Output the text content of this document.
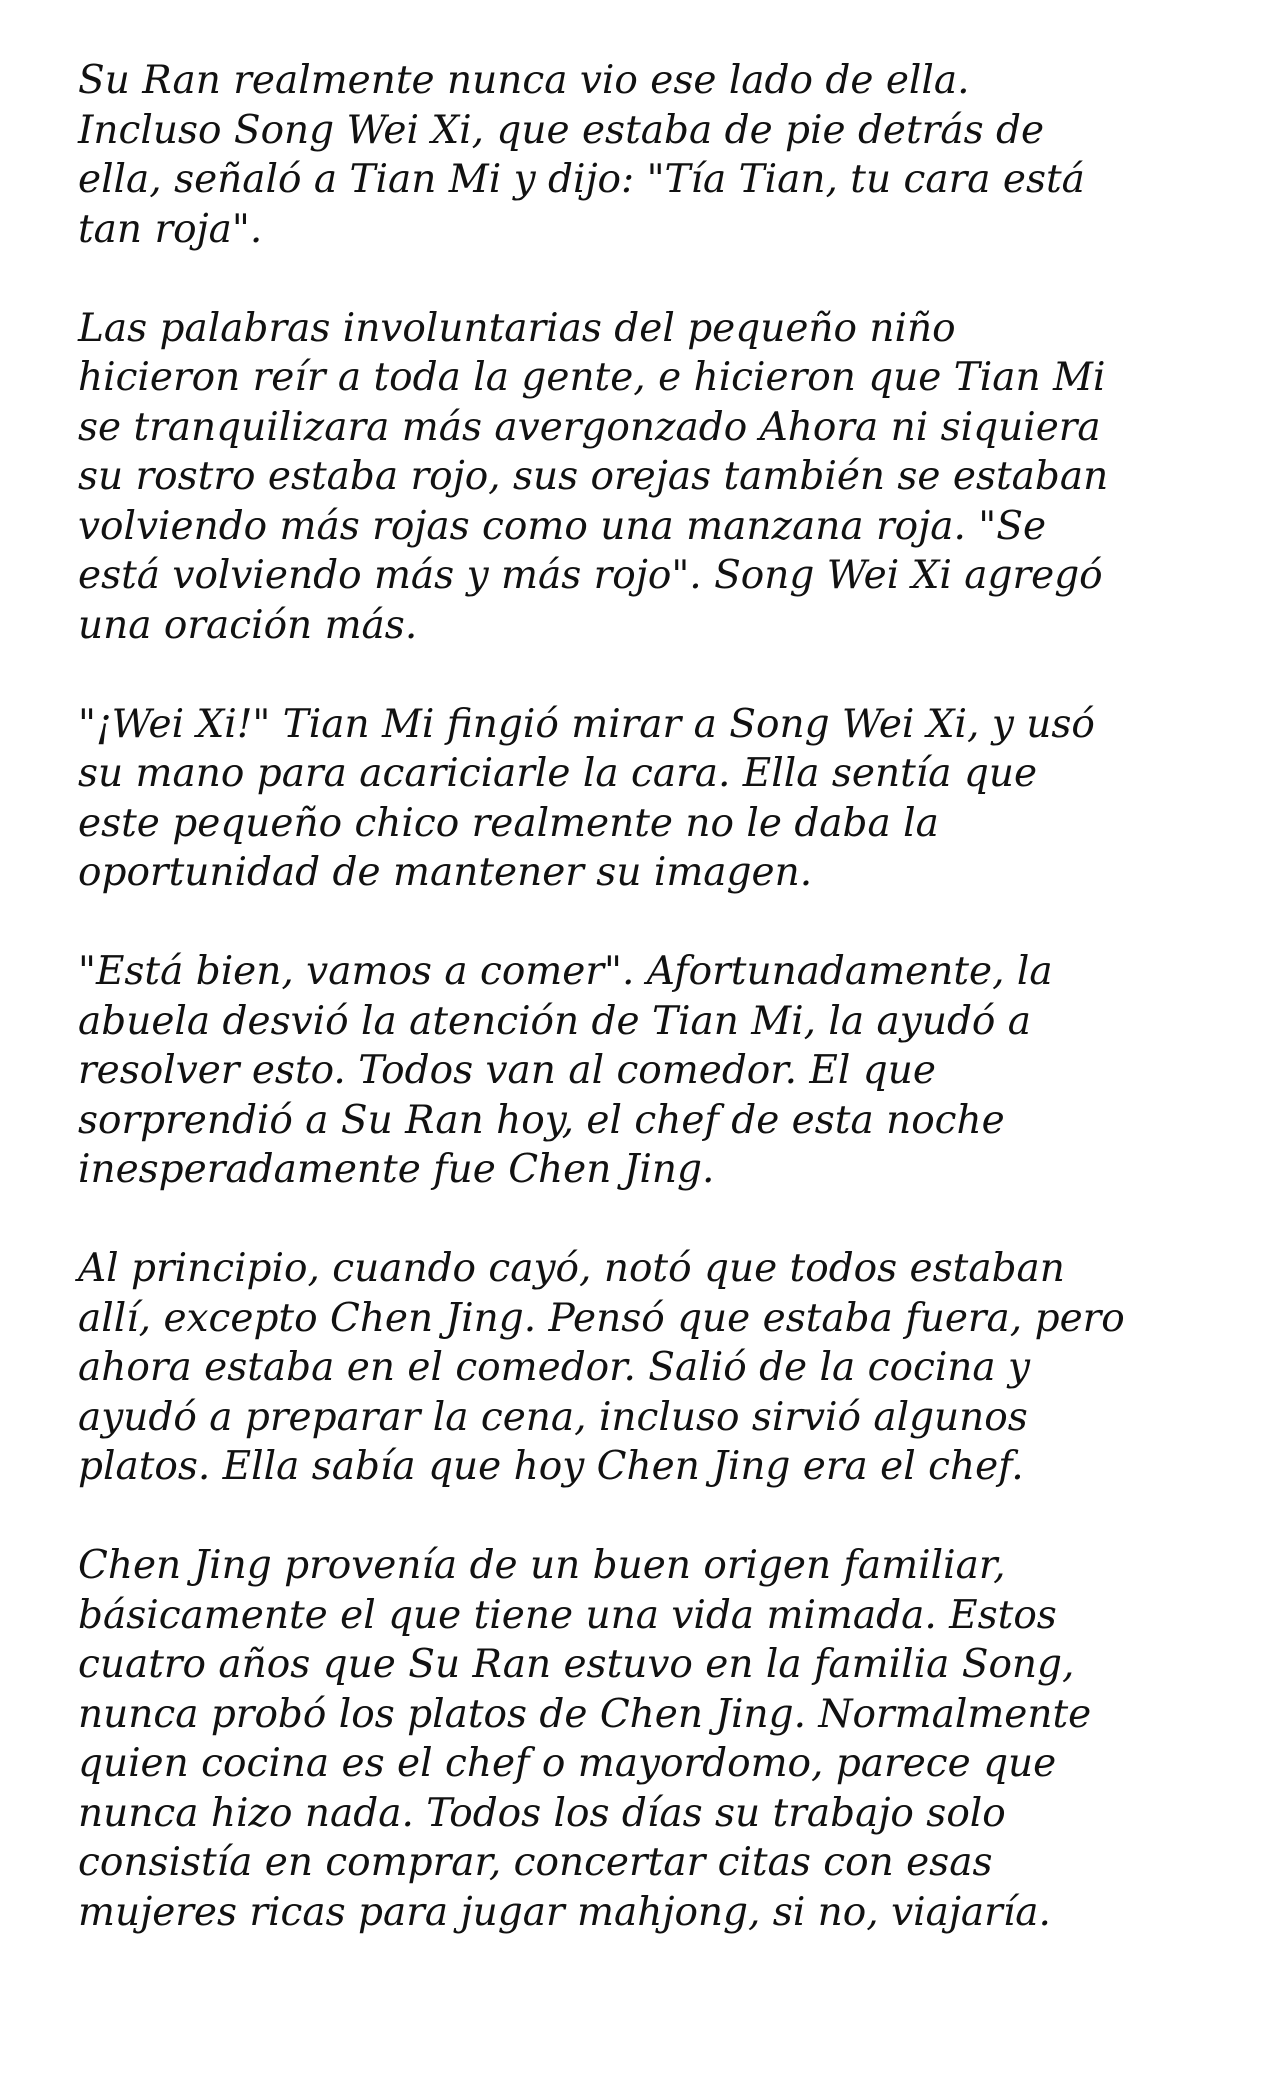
Su Ran realmente nunca vio ese lado de ella.
Incluso Song Wei Xi, que estaba de pie detrás de
ella, señaló a Tian Mi y dijo: "Tía Tian, tu cara está
tan roja".

Las palabras involuntarias del pequeño niño
hicieron reír a toda la gente, e hicieron que Tian Mi
se tranquilizara más avergonzado Ahora ni siquiera
su rostro estaba rojo, sus orejas también se estaban
volviendo más rojas como una manzana roja. "Se
está volviendo más y más rojo". Song Wei Xi agregó
una oración más.

"¡Wei Xi!" Tian Mi fingió mirar a Song Wei Xi, y usó
su mano para acariciarle la cara. Ella sentía que
este pequeño chico realmente no le daba la
oportunidad de mantener su imagen.

"Está bien, vamos a comer". Afortunadamente, la
abuela desvió la atención de Tian Mi, la ayudó a
resolver esto. Todos van al comedor. El que
sorprendió a Su Ran hoy, el chef de esta noche
inesperadamente fue Chen Jing.

Al principio, cuando cayó, notó que todos estaban
allí, excepto Chen Jing. Pensó que estaba fuera, pero
ahora estaba en el comedor. Salió de la cocina y
ayudó a preparar la cena, incluso sirvió algunos
platos. Ella sabía que hoy Chen Jing era el chef.

Chen Jing provenía de un buen origen familiar,
básicamente el que tiene una vida mimada. Estos
cuatro años que Su Ran estuvo en la familia Song,
nunca probó los platos de Chen Jing. Normalmente
quien cocina es el chef o mayordomo, parece que
nunca hizo nada. Todos los días su trabajo solo
consistía en comprar, concertar citas con esas
mujeres ricas para jugar mahjong, si no, viajaría.
